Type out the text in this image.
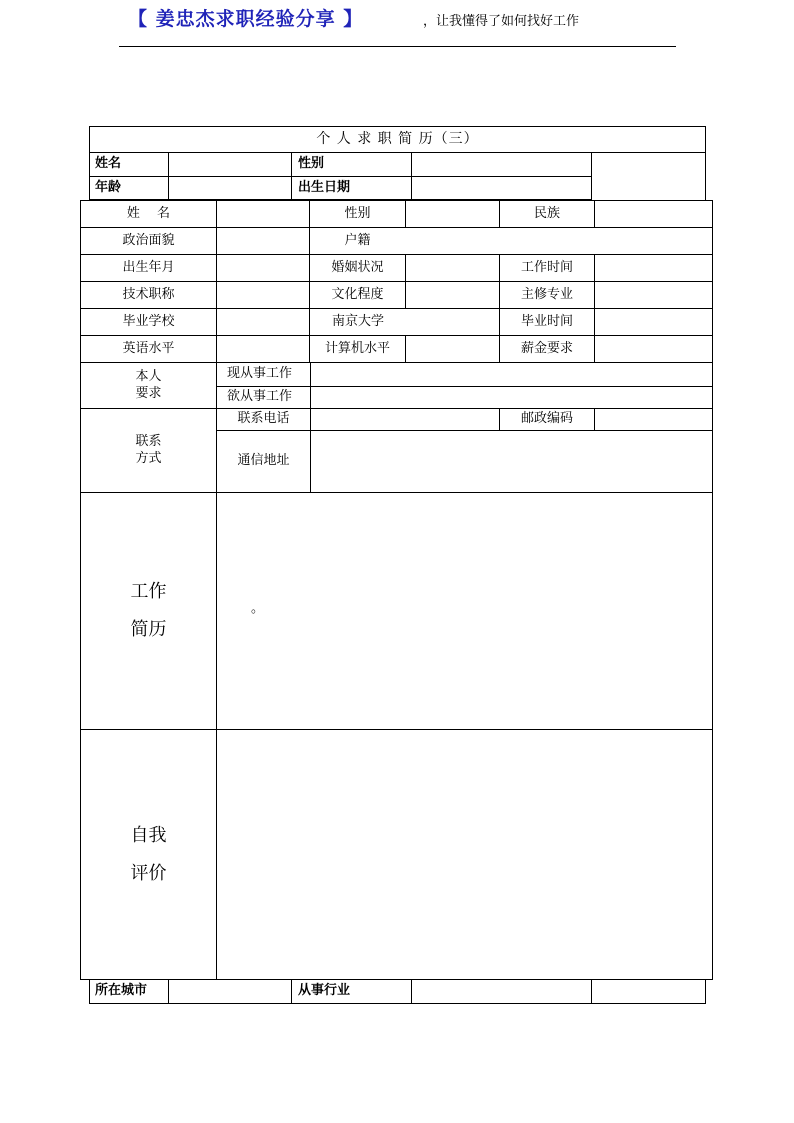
【 姜忠杰求职经验分享 】	，让我懂得了如何找好工作
个 人 求 职 简 历（三）
姓名	性别
年龄	出生日期
姓　 名	性别	民族
政治面貌	户籍
出生年月	婚姻状况	工作时间
技术职称	文化程度	主修专业
毕业学校	南京大学	毕业时间
英语水平	计算机水平	薪金要求
本人
要求
现从事工作
欲从事工作
联系
方式
联系电话	邮政编码
通信地址
工作
简历
。
自我
评价
所在城市	从事行业
